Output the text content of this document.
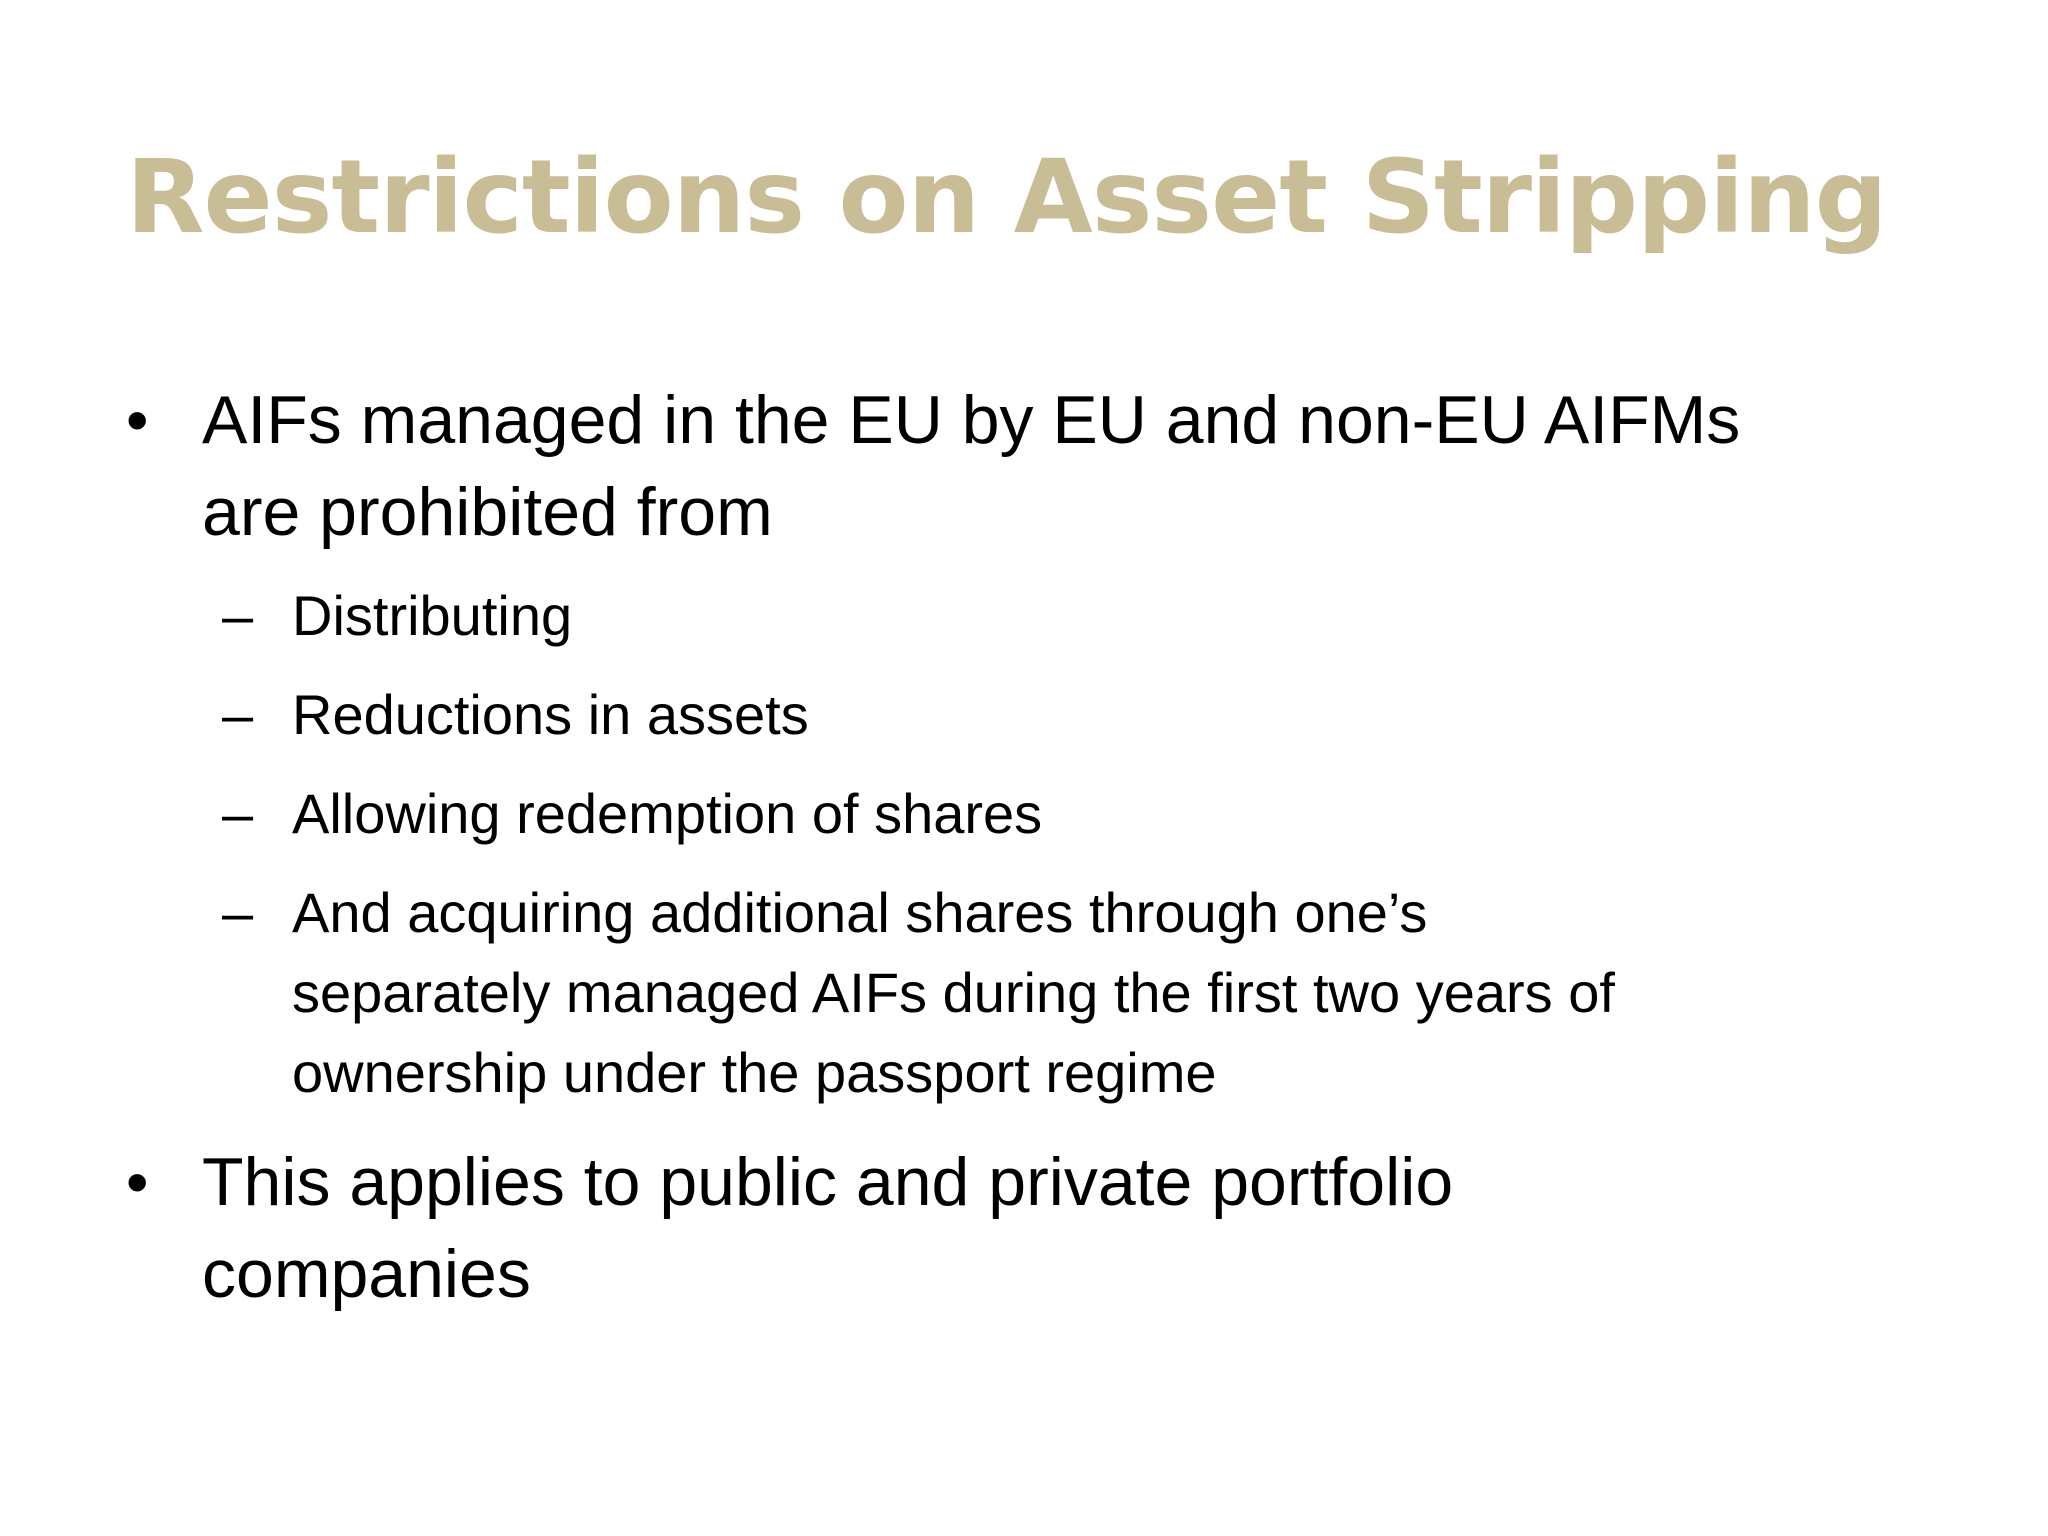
Restrictions on Asset Stripping
• AIFs managed in the EU by EU and non-EU AIFMs
are prohibited from
– Distributing
– Reductions in assets
– Allowing redemption of shares
– And acquiring additional shares through one’s
separately managed AIFs during the first two years of
ownership under the passport regime
• This applies to public and private portfolio
companies
